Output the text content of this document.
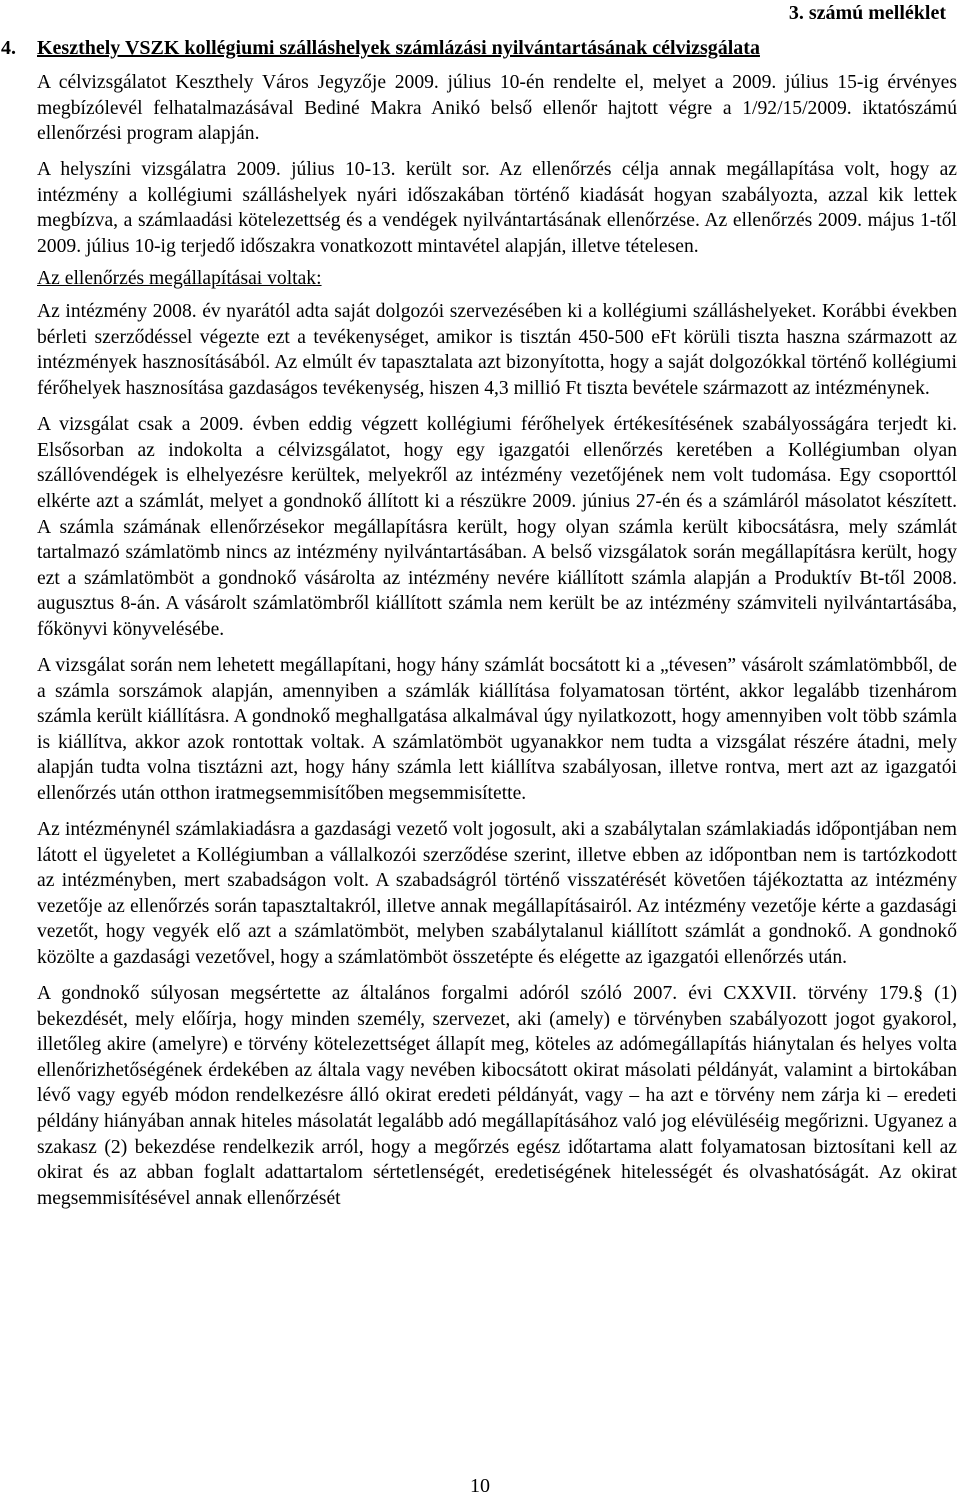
3. számú melléklet
4. Keszthely VSZK kollégiumi szálláshelyek számlázási nyilvántartásának célvizsgálata

A célvizsgálatot Keszthely Város Jegyzője 2009. július 10-én rendelte el, melyet a 2009. július 15-ig érvényes megbízólevél felhatalmazásával Bediné Makra Anikó belső ellenőr hajtott végre a 1/92/15/2009. iktatószámú ellenőrzési program alapján.

A helyszíni vizsgálatra 2009. július 10-13. került sor. Az ellenőrzés célja annak megállapítása volt, hogy az intézmény a kollégiumi szálláshelyek nyári időszakában történő kiadását hogyan szabályozta, azzal kik lettek megbízva, a számlaadási kötelezettség és a vendégek nyilvántartásának ellenőrzése. Az ellenőrzés 2009. május 1-től 2009. július 10-ig terjedő időszakra vonatkozott mintavétel alapján, illetve tételesen.

Az ellenőrzés megállapításai voltak:

Az intézmény 2008. év nyarától adta saját dolgozói szervezésében ki a kollégiumi szálláshelyeket. Korábbi években bérleti szerződéssel végezte ezt a tevékenységet, amikor is tisztán 450-500 eFt körüli tiszta haszna származott az intézmények hasznosításából. Az elmúlt év tapasztalata azt bizonyította, hogy a saját dolgozókkal történő kollégiumi férőhelyek hasznosítása gazdaságos tevékenység, hiszen 4,3 millió Ft tiszta bevétele származott az intézménynek.

A vizsgálat csak a 2009. évben eddig végzett kollégiumi férőhelyek értékesítésének szabályosságára terjedt ki. Elsősorban az indokolta a célvizsgálatot, hogy egy igazgatói ellenőrzés keretében a Kollégiumban olyan szállóvendégek is elhelyezésre kerültek, melyekről az intézmény vezetőjének nem volt tudomása. Egy csoporttól elkérte azt a számlát, melyet a gondnokő állított ki a részükre 2009. június 27-én és a számláról másolatot készített. A számla számának ellenőrzésekor megállapításra került, hogy olyan számla került kibocsátásra, mely számlát tartalmazó számlatömb nincs az intézmény nyilvántartásában. A belső vizsgálatok során megállapításra került, hogy ezt a számlatömböt a gondnokő vásárolta az intézmény nevére kiállított számla alapján a Produktív Bt-től 2008. augusztus 8-án. A vásárolt számlatömbről kiállított számla nem került be az intézmény számviteli nyilvántartásába, főkönyvi könyvelésébe.

A vizsgálat során nem lehetett megállapítani, hogy hány számlát bocsátott ki a „tévesen” vásárolt számlatömbből, de a számla sorszámok alapján, amennyiben a számlák kiállítása folyamatosan történt, akkor legalább tizenhárom számla került kiállításra. A gondnokő meghallgatása alkalmával úgy nyilatkozott, hogy amennyiben volt több számla is kiállítva, akkor azok rontottak voltak. A számlatömböt ugyanakkor nem tudta a vizsgálat részére átadni, mely alapján tudta volna tisztázni azt, hogy hány számla lett kiállítva szabályosan, illetve rontva, mert azt az igazgatói ellenőrzés után otthon iratmegsemmisítőben megsemmisítette.

Az intézménynél számlakiadásra a gazdasági vezető volt jogosult, aki a szabálytalan számlakiadás időpontjában nem látott el ügyeletet a Kollégiumban a vállalkozói szerződése szerint, illetve ebben az időpontban nem is tartózkodott az intézményben, mert szabadságon volt. A szabadságról történő visszatérését követően tájékoztatta az intézmény vezetője az ellenőrzés során tapasztaltakról, illetve annak megállapításairól. Az intézmény vezetője kérte a gazdasági vezetőt, hogy vegyék elő azt a számlatömböt, melyben szabálytalanul kiállított számlát a gondnokő. A gondnokő közölte a gazdasági vezetővel, hogy a számlatömböt összetépte és elégette az igazgatói ellenőrzés után.

A gondnokő súlyosan megsértette az általános forgalmi adóról szóló 2007. évi CXXVII. törvény 179.§ (1) bekezdését, mely előírja, hogy minden személy, szervezet, aki (amely) e törvényben szabályozott jogot gyakorol, illetőleg akire (amelyre) e törvény kötelezettséget állapít meg, köteles az adómegállapítás hiánytalan és helyes volta ellenőrizhetőségének érdekében az általa vagy nevében kibocsátott okirat másolati példányát, valamint a birtokában lévő vagy egyéb módon rendelkezésre álló okirat eredeti példányát, vagy – ha azt e törvény nem zárja ki – eredeti példány hiányában annak hiteles másolatát legalább adó megállapításához való jog elévüléséig megőrizni. Ugyanez a szakasz (2) bekezdése rendelkezik arról, hogy a megőrzés egész időtartama alatt folyamatosan biztosítani kell az okirat és az abban foglalt adattartalom sértetlenségét, eredetiségének hitelességét és olvashatóságát. Az okirat megsemmisítésével annak ellenőrzését

10
